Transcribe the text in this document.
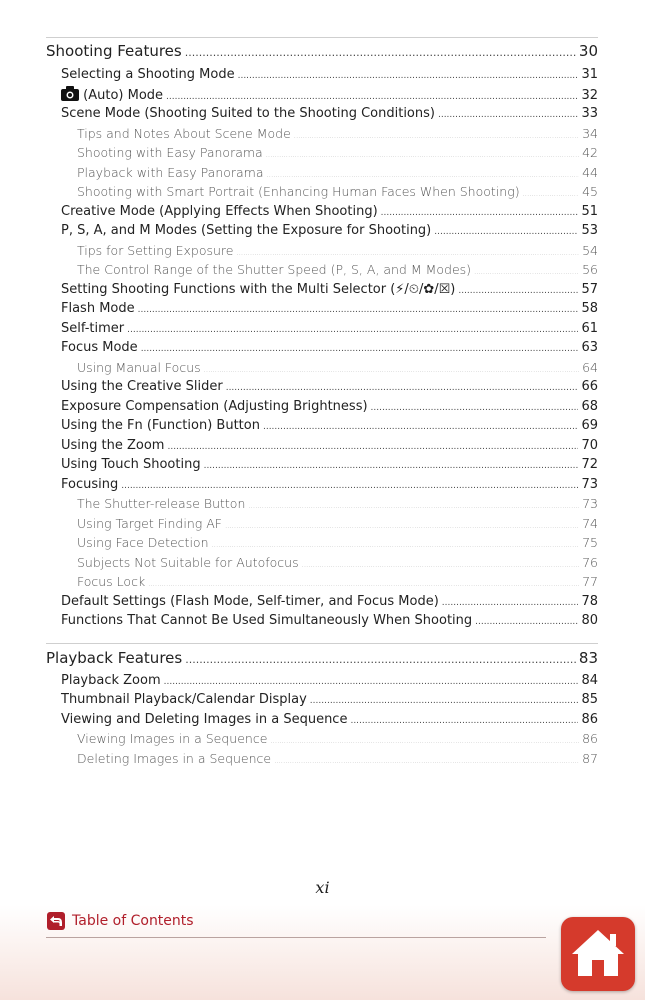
Shooting Features .....	30
Selecting a Shooting Mode .....	31
(Auto) Mode .....	32
Scene Mode (Shooting Suited to the Shooting Conditions) .....	33
Tips and Notes About Scene Mode .....	34
Shooting with Easy Panorama .....	42
Playback with Easy Panorama .....	44
Shooting with Smart Portrait (Enhancing Human Faces When Shooting) .....	45
Creative Mode (Applying Effects When Shooting) .....	51
P, S, A, and M Modes (Setting the Exposure for Shooting) .....	53
Tips for Setting Exposure .....	54
The Control Range of the Shutter Speed (P, S, A, and M Modes) .....	56
Setting Shooting Functions with the Multi Selector (⚡/⏲/✿/☒) .....	57
Flash Mode .....	58
Self-timer .....	61
Focus Mode .....	63
Using Manual Focus .....	64
Using the Creative Slider .....	66
Exposure Compensation (Adjusting Brightness) .....	68
Using the Fn (Function) Button .....	69
Using the Zoom .....	70
Using Touch Shooting .....	72
Focusing .....	73
The Shutter-release Button .....	73
Using Target Finding AF .....	74
Using Face Detection .....	75
Subjects Not Suitable for Autofocus .....	76
Focus Lock .....	77
Default Settings (Flash Mode, Self-timer, and Focus Mode) .....	78
Functions That Cannot Be Used Simultaneously When Shooting .....	80
Playback Features .....	83
Playback Zoom .....	84
Thumbnail Playback/Calendar Display .....	85
Viewing and Deleting Images in a Sequence .....	86
Viewing Images in a Sequence .....	86
Deleting Images in a Sequence .....	87
xi
Table of Contents
